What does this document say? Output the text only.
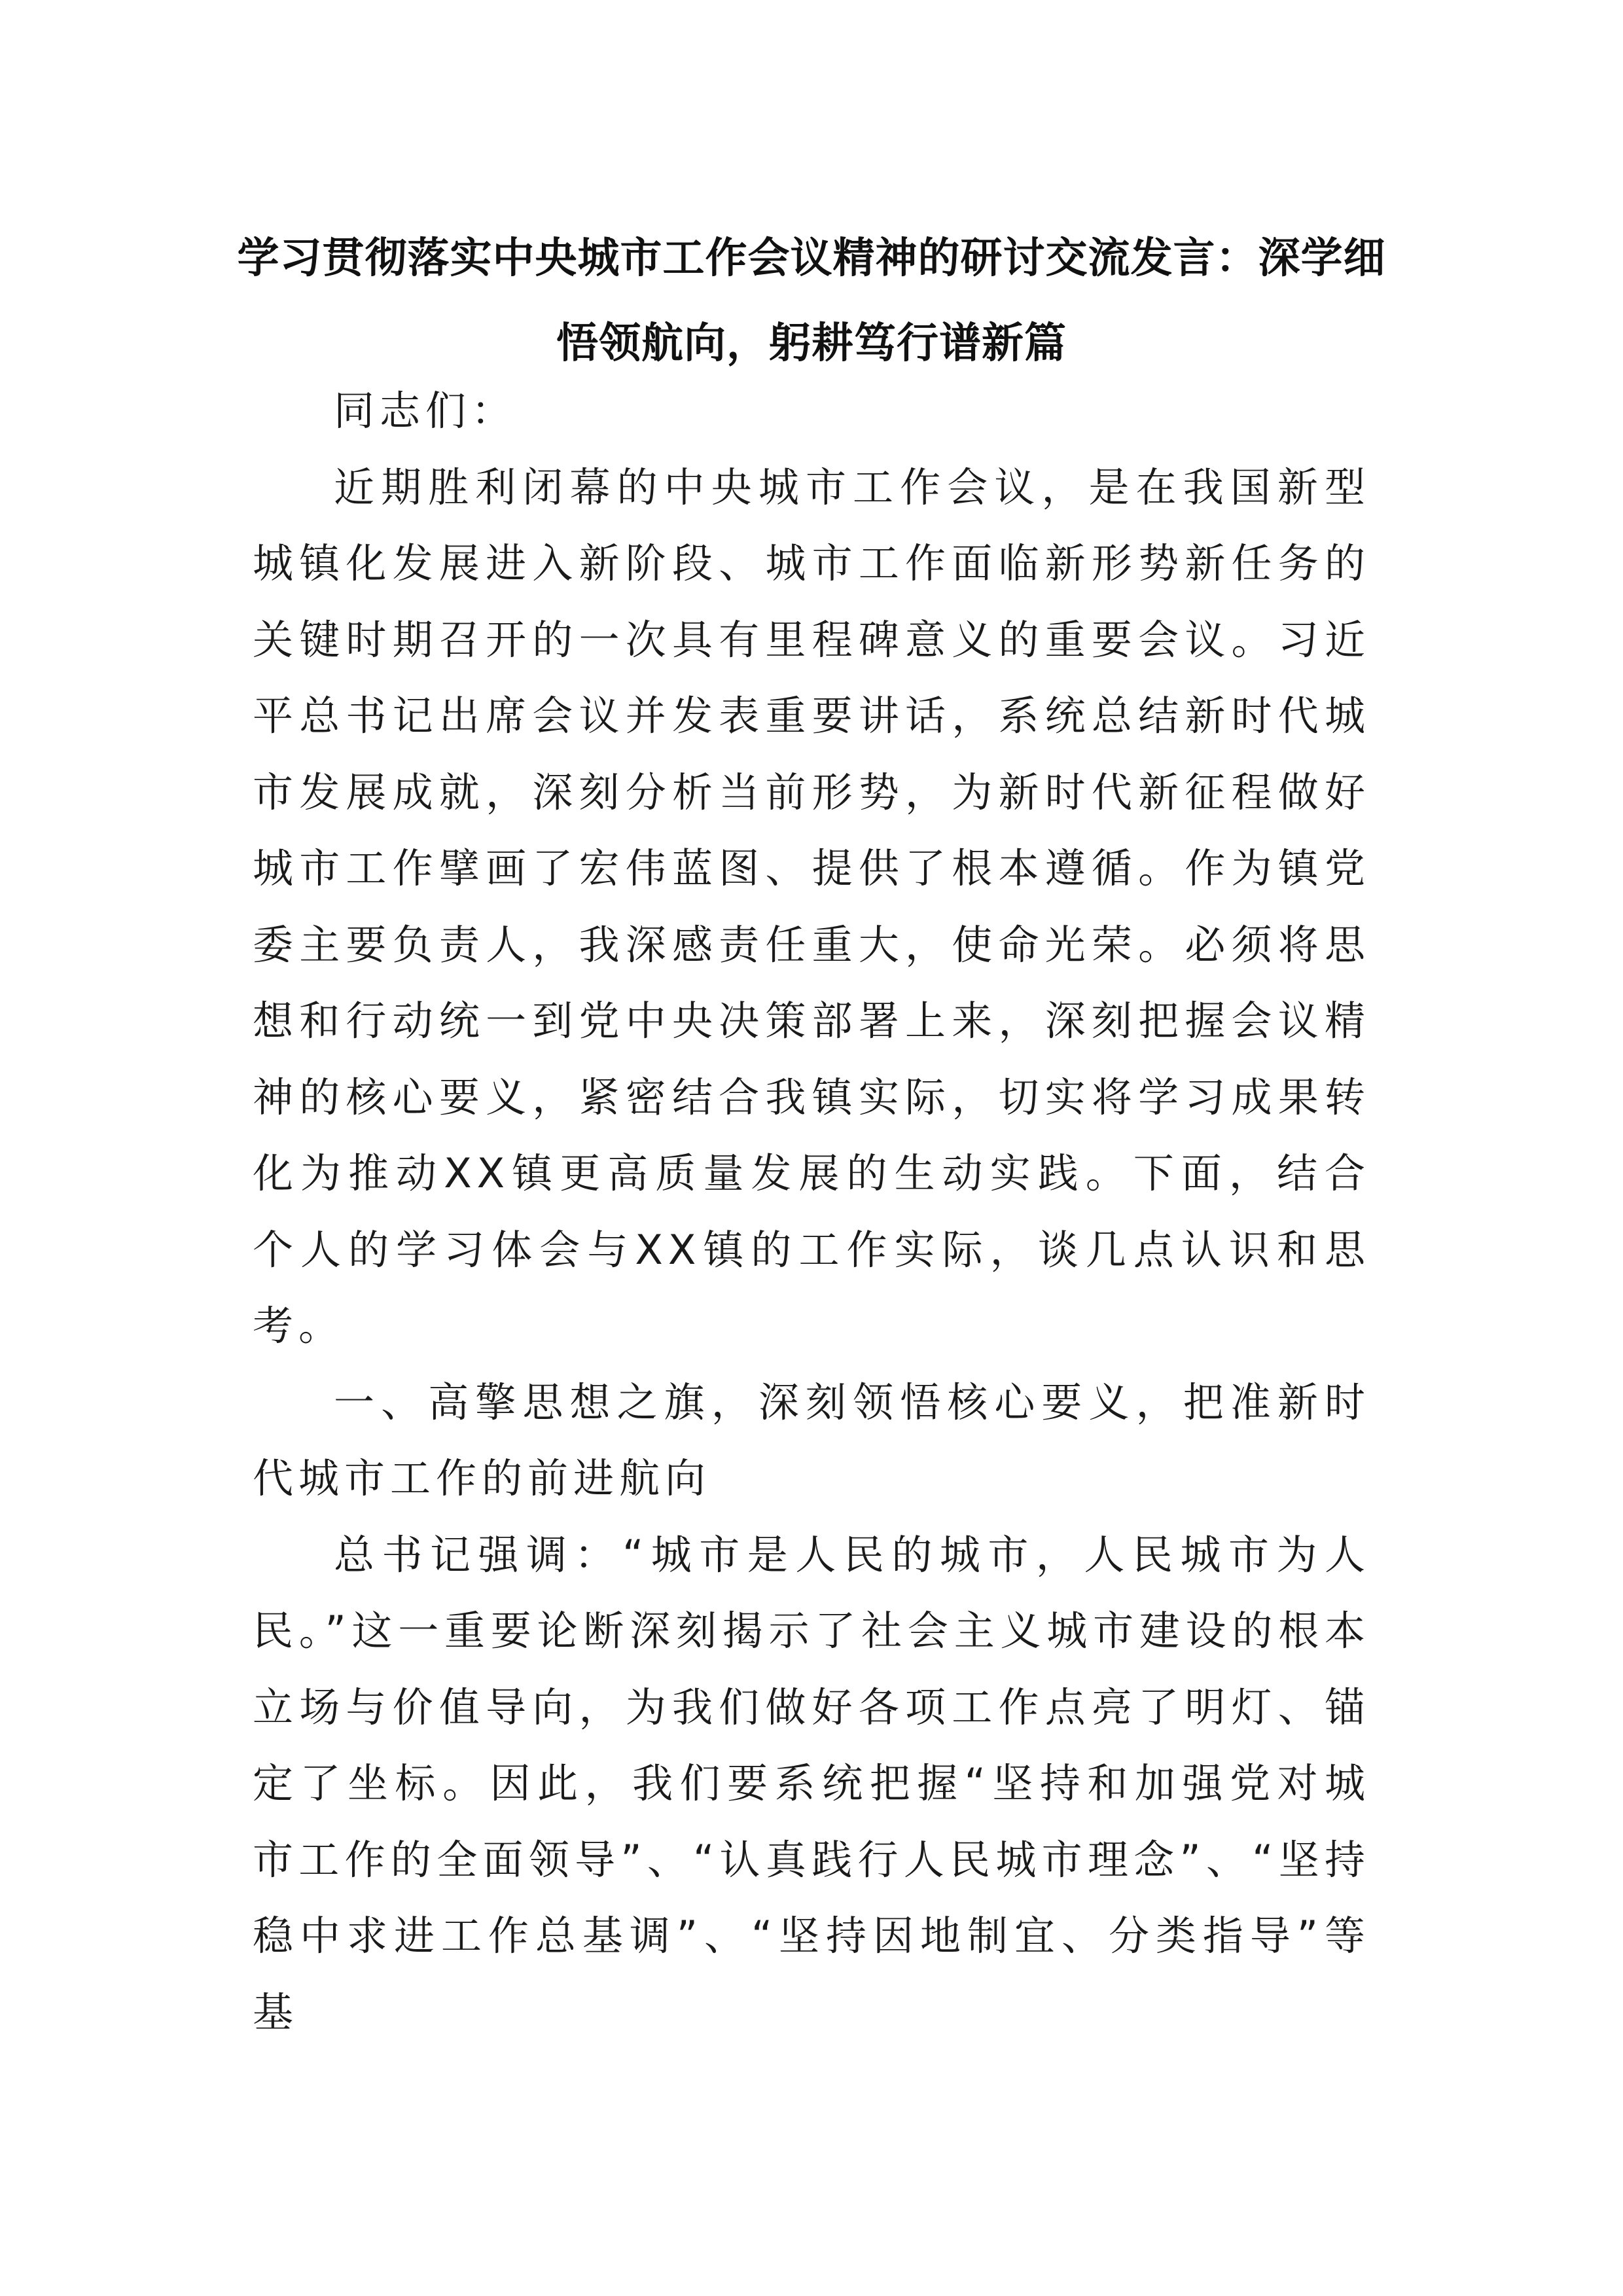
学习贯彻落实中央城市工作会议精神的研讨交流发言：深学细悟领航向，躬耕笃行谱新篇

同志们：

近期胜利闭幕的中央城市工作会议，是在我国新型城镇化发展进入新阶段、城市工作面临新形势新任务的关键时期召开的一次具有里程碑意义的重要会议。习近平总书记出席会议并发表重要讲话，系统总结新时代城市发展成就，深刻分析当前形势，为新时代新征程做好城市工作擘画了宏伟蓝图、提供了根本遵循。作为镇党委主要负责人，我深感责任重大，使命光荣。必须将思想和行动统一到党中央决策部署上来，深刻把握会议精神的核心要义，紧密结合我镇实际，切实将学习成果转化为推动XX镇更高质量发展的生动实践。下面，结合个人的学习体会与XX镇的工作实际，谈几点认识和思考。

一、高擎思想之旗，深刻领悟核心要义，把准新时代城市工作的前进航向

总书记强调：“城市是人民的城市，人民城市为人民。”这一重要论断深刻揭示了社会主义城市建设的根本立场与价值导向，为我们做好各项工作点亮了明灯、锚定了坐标。因此，我们要系统把握“坚持和加强党对城市工作的全面领导”、“认真践行人民城市理念”、“坚持稳中求进工作总基调”、“坚持因地制宜、分类指导”等基
